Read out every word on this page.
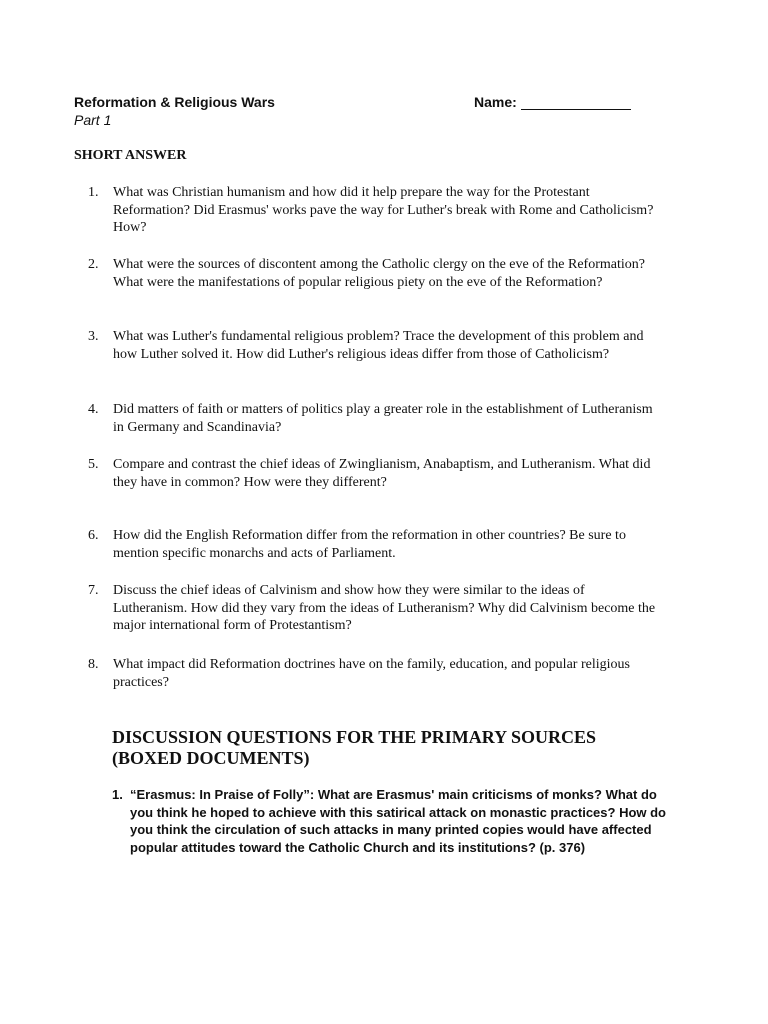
Reformation & Religious Wars
Part 1
Name:
SHORT ANSWER
1.	What was Christian humanism and how did it help prepare the way for the Protestant Reformation? Did Erasmus' works pave the way for Luther's break with Rome and Catholicism? How?
2.	What were the sources of discontent among the Catholic clergy on the eve of the Reformation? What were the manifestations of popular religious piety on the eve of the Reformation?
3.	What was Luther's fundamental religious problem? Trace the development of this problem and how Luther solved it. How did Luther's religious ideas differ from those of Catholicism?
4.	Did matters of faith or matters of politics play a greater role in the establishment of Lutheranism in Germany and Scandinavia?
5.	Compare and contrast the chief ideas of Zwinglianism, Anabaptism, and Lutheranism. What did they have in common? How were they different?
6.	How did the English Reformation differ from the reformation in other countries? Be sure to mention specific monarchs and acts of Parliament.
7.	Discuss the chief ideas of Calvinism and show how they were similar to the ideas of Lutheranism. How did they vary from the ideas of Lutheranism? Why did Calvinism become the major international form of Protestantism?
8.	What impact did Reformation doctrines have on the family, education, and popular religious practices?
DISCUSSION QUESTIONS FOR THE PRIMARY SOURCES
(BOXED DOCUMENTS)
1. “Erasmus: In Praise of Folly”: What are Erasmus' main criticisms of monks? What do you think he hoped to achieve with this satirical attack on monastic practices? How do you think the circulation of such attacks in many printed copies would have affected popular attitudes toward the Catholic Church and its institutions? (p. 376)
